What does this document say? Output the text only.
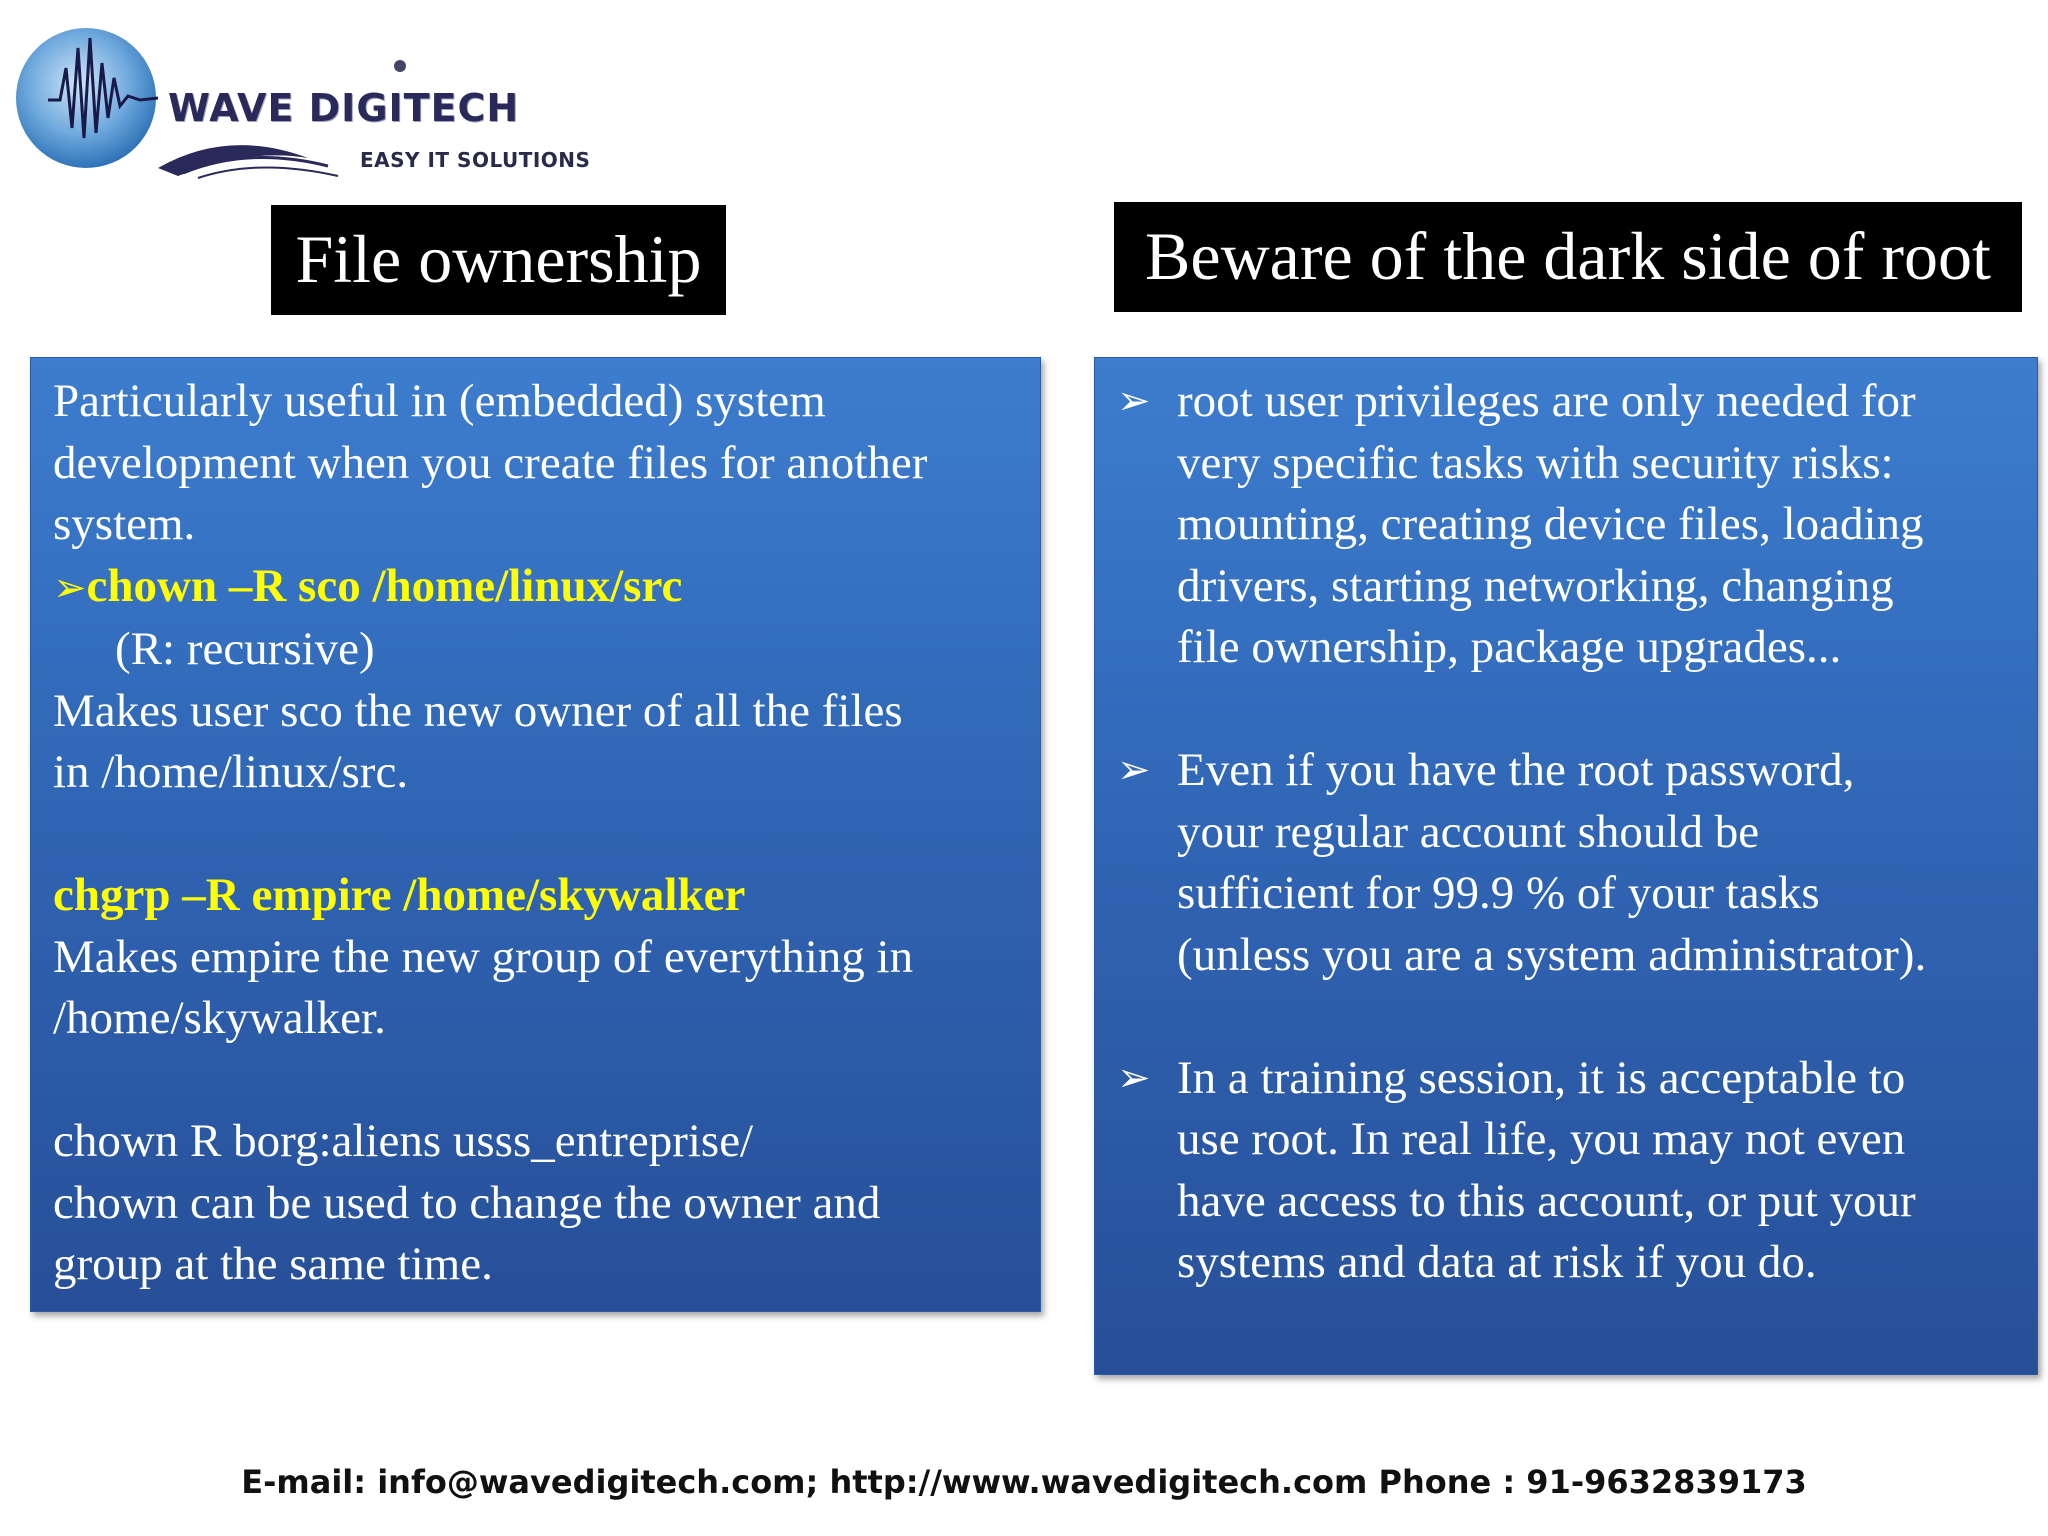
WAVE DIGITECH
EASY IT SOLUTIONS
File ownership	Beware of the dark side of root
Particularly useful in (embedded) system
development when you create files for another
system.
➢chown –R sco /home/linux/src
(R: recursive)
Makes user sco the new owner of all the files
in /home/linux/src.
chgrp –R empire /home/skywalker
Makes empire the new group of everything in
/home/skywalker.
chown R borg:aliens usss_entreprise/
chown can be used to change the owner and
group at the same time.
➢ root user privileges are only needed for
very specific tasks with security risks:
mounting, creating device files, loading
drivers, starting networking, changing
file ownership, package upgrades...
➢ Even if you have the root password,
your regular account should be
sufficient for 99.9 % of your tasks
(unless you are a system administrator).
➢ In a training session, it is acceptable to
use root. In real life, you may not even
have access to this account, or put your
systems and data at risk if you do.
E-mail: info@wavedigitech.com; http://www.wavedigitech.com Phone : 91-9632839173
